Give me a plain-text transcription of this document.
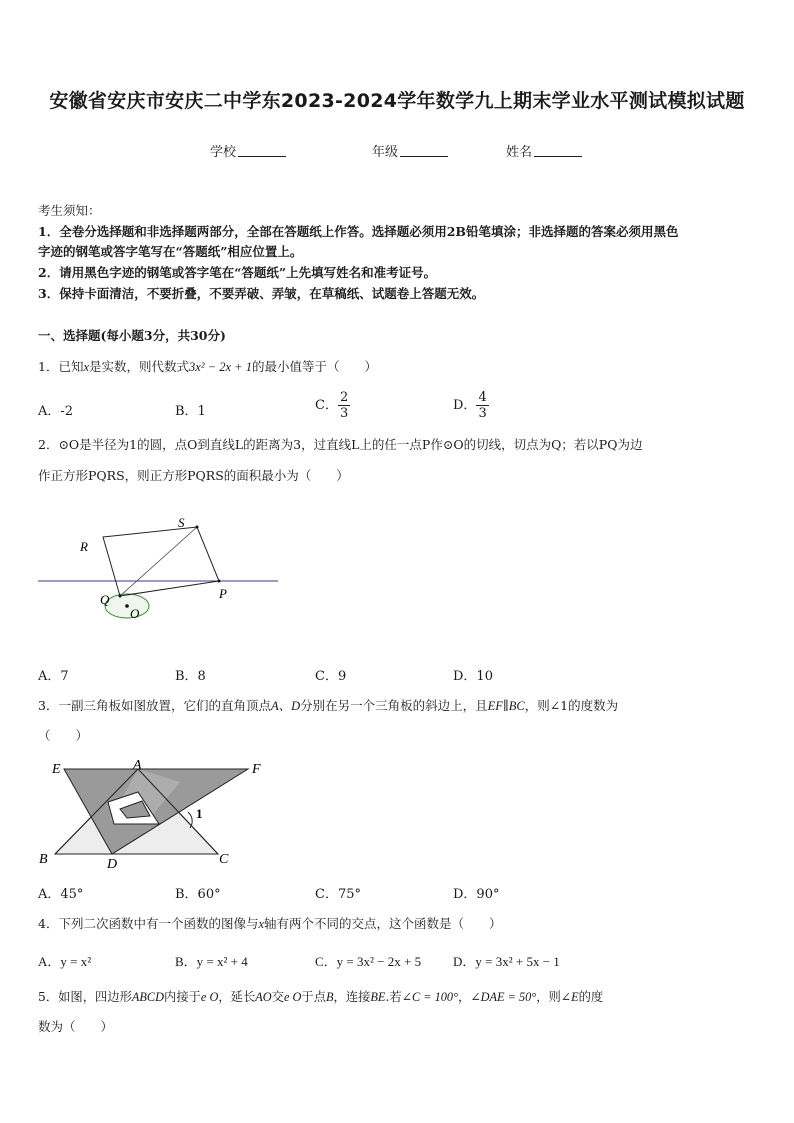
安徽省安庆市安庆二中学东2023-2024学年数学九上期末学业水平测试模拟试题
学校	年级	姓名
考生须知：
1．全卷分选择题和非选择题两部分，全部在答题纸上作答。选择题必须用2B铅笔填涂；非选择题的答案必须用黑色
字迹的钢笔或答字笔写在“答题纸”相应位置上。
2．请用黑色字迹的钢笔或答字笔在“答题纸”上先填写姓名和准考证号。
3．保持卡面清洁，不要折叠，不要弄破、弄皱，在草稿纸、试题卷上答题无效。
一、选择题(每小题3分，共30分)
1．已知x是实数，则代数式3x² − 2x + 1的最小值等于（　　）
A．-2	B．1	C． $\frac{2}{3}$	D． $\frac{4}{3}$
2．⊙O是半径为1的圆，点O到直线L的距离为3，过直线L上的任一点P作⊙O的切线，切点为Q；若以PQ为边
作正方形PQRS，则正方形PQRS的面积最小为（　　）
S
R
Q	P
O
A．7	B．8	C．9	D．10
3．一副三角板如图放置，它们的直角顶点A、D分别在另一个三角板的斜边上，且EF∥BC，则∠1的度数为
（　　）
E	A	F
B	D	C
1
A．45°	B．60°	C．75°	D．90°
4．下列二次函数中有一个函数的图像与x轴有两个不同的交点，这个函数是（　　）
A．y = x²	B．y = x² + 4	C．y = 3x² − 2x + 5 D．y = 3x² + 5x − 1
5．如图，四边形ABCD内接于e O，延长AO交e O于点B，连接BE.若∠C = 100°，∠DAE = 50°，则∠E的度
数为（　　）
